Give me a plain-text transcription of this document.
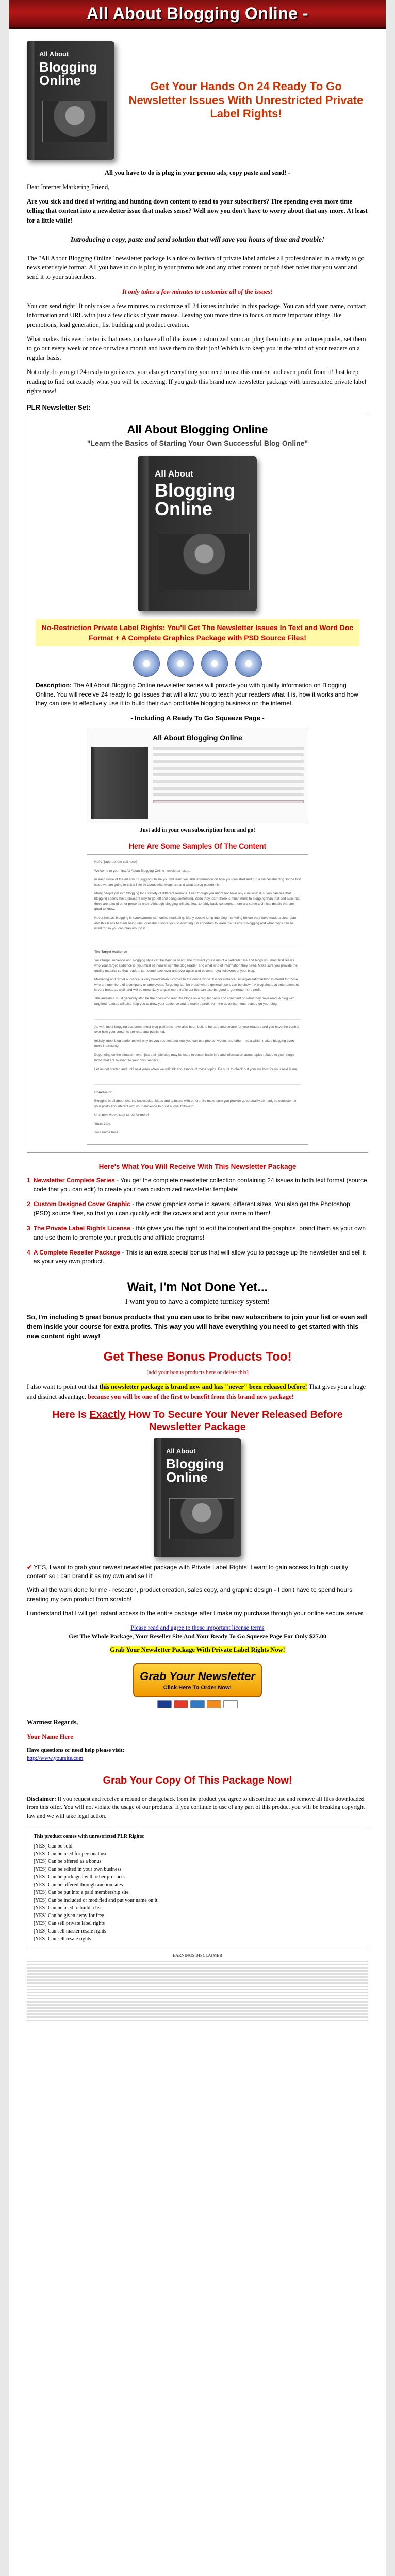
All About Blogging Online -
All About
Blogging Online	Get Your Hands On 24 Ready To Go Newsletter Issues With Unrestricted Private Label Rights!

All you have to do is plug in your promo ads, copy paste and send! -

Dear Internet Marketing Friend,

Are you sick and tired of writing and hunting down content to send to your subscribers? Tire spending even more time telling that content into a newsletter issue that makes sense? Well now you don't have to worry about that any more. At least for a little while!

Introducing a copy, paste and send solution that will save you hours of time and trouble!

The "All About Blogging Online" newsletter package is a nice collection of private label articles all professionaled in a ready to go newsletter style format. All you have to do is plug in your promo ads and any other content or publisher notes that you want and send it to your subscribers.

It only takes a few minutes to customize all of the issues!

You can send right! It only takes a few minutes to customize all 24 issues included in this package. You can add your name, contact information and URL with just a few clicks of your mouse. Leaving you more time to focus on more important things like promotions, lead generation, list building and product creation.

What makes this even better is that users can have all of the issues customized you can plug them into your autoresponder, set them to go out every week or once or twice a month and have them do their job! Which is to keep you in the mind of your readers on a regular basis.

Not only do you get 24 ready to go issues, you also get everything you need to use this content and even profit from it! Just keep reading to find out exactly what you will be receiving. If you grab this brand new newsletter package with unrestricted private label rights now!

PLR Newsletter Set:
All About Blogging Online
"Learn the Basics of Starting Your Own Successful Blog Online"
All About
Blogging Online
No-Restriction Private Label Rights: You'll Get The Newsletter Issues In Text and Word Doc Format + A Complete Graphics Package with PSD Source Files!

Description: The All About Blogging Online newsletter series will provide you with quality information on Blogging Online. You will receive 24 ready to go issues that will allow you to teach your readers what it is, how it works and how they can use to effectively use it to build their own profitable blogging business on the internet.

- Including A Ready To Go Squeeze Page -
All About Blogging Online
Just add in your own subscription form and go!
Here Are Some Samples Of The Content
Hello "[appropriate call here]"
Welcome to your first All About Blogging Online newsletter issue.
In each issue of the All About Blogging Online you will learn valuable information on how you can start and run a successful blog. In the first issue we are going to talk a little bit about what blogs are and what a blog platform is.
Many people get into blogging for a variety of different reasons. Even though you might not have any clue what it is, you can see that blogging seems like a pleasant way to get off and doing something. Soon they learn there is much more to blogging than that and also that there are a lot of other personal ones. Although blogging will also lead to fairly basic concepts, there are some technical details that are good to know.
Nevertheless, blogging is synonymous with online marketing. Many people jump into blog marketing before they have made a clear plan and this leads to them being unsuccessful. Before you do anything it is important to learn the basics of blogging and what blogs can be used for so you can plan around it.
The Target Audience
Your target audience and blogging style can be hand in hand. The moment your aims of a particular are and blogs you must first realize who your target audience is, you must be honest with the blog reader, and what kind of information they need. Make sure you provide the quality material so that readers can come back over and over again and become loyal followers of your blog.
Marketing and target audience is very broad when it comes to the online world. It is for instance, an organizational blog is meant for those who are members of a company or employees. Targeting can be broad where general users can be shown. A blog aimed at entertainment is very broad as well, and will be most likely to gain more traffic but this can also be good to generate more profit.
The audience must generally also be the ones who read the blogs on a regular basis and comment on what they have read. A blog with targeted readers will also help you to grow your audience and to make a profit from the advertisements placed on your blog.
As with most blogging platforms, most blog platforms have also been built to be safe and secure for your readers and you have the control over how your contents are read and published.
Initially, most blog platforms will only let you post text but now you can use photos, videos and other media which makes blogging even more interesting.
Depending on the situation, even just a simple blog may be used to obtain basic info and information about topics related to your blog's niche that are relevant to your own readers.
Let us get started and until next week when we will talk about more of these topics. Be sure to check out your mailbox for your next issue.
Conclusion
Blogging is all about sharing knowledge, ideas and opinions with others. So make sure you provide good quality content, be consistent in your posts and interact with your audience to build a loyal following.
Until next week, stay tuned for more!
Yours truly,
Your name here
Here's What You Will Receive With This Newsletter Package
1 Newsletter Complete Series - You get the complete newsletter collection containing 24 issues in both text format (source code that you can edit) to create your own customized newsletter template!
2 Custom Designed Cover Graphic - the cover graphics come in several different sizes. You also get the Photoshop (PSD) source files, so that you can quickly edit the covers and add your name to them!
3 The Private Label Rights License - this gives you the right to edit the content and the graphics, brand them as your own and use them to promote your products and affiliate programs!
4 A Complete Reseller Package - This is an extra special bonus that will allow you to package up the newsletter and sell it as your very own product.
Wait, I'm Not Done Yet...
I want you to have a complete turnkey system!

So, I'm including 5 great bonus products that you can use to bribe new subscribers to join your list or even sell them inside your course for extra profits. This way you will have everything you need to get started with this new content right away!

Get These Bonus Products Too!
[add your bonus products here or delete this]

I also want to point out that this newsletter package is brand new and has "never" been released before! That gives you a huge and distinct advantage, because you will be one of the first to benefit from this brand new package!

Here Is Exactly How To Secure Your Never Released Before Newsletter Package
All About
Blogging Online

✔ YES, I want to grab your newest newsletter package with Private Label Rights! I want to gain access to high quality content so I can brand it as my own and sell it!

With all the work done for me - research, product creation, sales copy, and graphic design - I don't have to spend hours creating my own product from scratch!

I understand that I will get instant access to the entire package after I make my purchase through your online secure server.

Please read and agree to these important license terms
Get The Whole Package, Your Reseller Site And Your Ready To Go Squeeze Page For Only $27.00
Grab Your Newsletter Package With Private Label Rights Now!
Grab Your Newsletter
Click Here To Order Now!

Warmest Regards,

Your Name Here

Have questions or need help please visit:
http://www.yoursite.com
Grab Your Copy Of This Package Now!

Disclaimer: If you request and receive a refund or chargeback from the product you agree to discontinue use and remove all files downloaded from this offer. You will not violate the usage of our products. If you continue to use of any part of this product you will be breaking copyright law and we will take legal action.

This product comes with unrestricted PLR Rights:
[YES] Can be sold
[YES] Can be used for personal use
[YES] Can be offered as a bonus
[YES] Can be edited in your own business
[YES] Can be packaged with other products
[YES] Can be offered through auction sites
[YES] Can be put into a paid membership site
[YES] Can be included or modified and put your name on it
[YES] Can be used to build a list
[YES] Can be given away for free
[YES] Can sell private label rights
[YES] Can sell master resale rights
[YES] Can sell resale rights
EARNINGS DISCLAIMER
